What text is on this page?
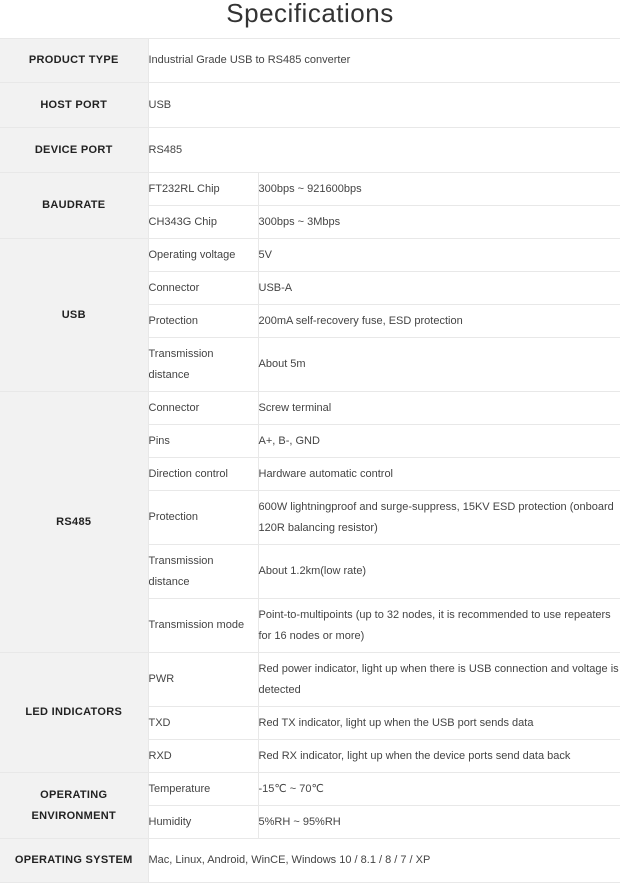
Specifications
PRODUCT TYPE	Industrial Grade USB to RS485 converter	
HOST PORT	USB	
DEVICE PORT	RS485	
BAUDRATE	FT232RL Chip	300bps ~ 921600bps
	CH343G Chip	300bps ~ 3Mbps
USB	Operating voltage	5V
	Connector	USB-A
	Protection	200mA self-recovery fuse, ESD protection
	Transmission distance	About 5m
RS485	Connector	Screw terminal
	Pins	A+, B-, GND
	Direction control	Hardware automatic control
	Protection	600W lightningproof and surge-suppress, 15KV ESD protection (onboard 120R balancing resistor)
	Transmission distance	About 1.2km(low rate)
	Transmission mode	Point-to-multipoints (up to 32 nodes, it is recommended to use repeaters for 16 nodes or more)
LED INDICATORS	PWR	Red power indicator, light up when there is USB connection and voltage is detected
	TXD	Red TX indicator, light up when the USB port sends data
	RXD	Red RX indicator, light up when the device ports send data back
OPERATING ENVIRONMENT	Temperature	-15℃ ~ 70℃
	Humidity	5%RH ~ 95%RH
OPERATING SYSTEM	Mac, Linux, Android, WinCE, Windows 10 / 8.1 / 8 / 7 / XP	
